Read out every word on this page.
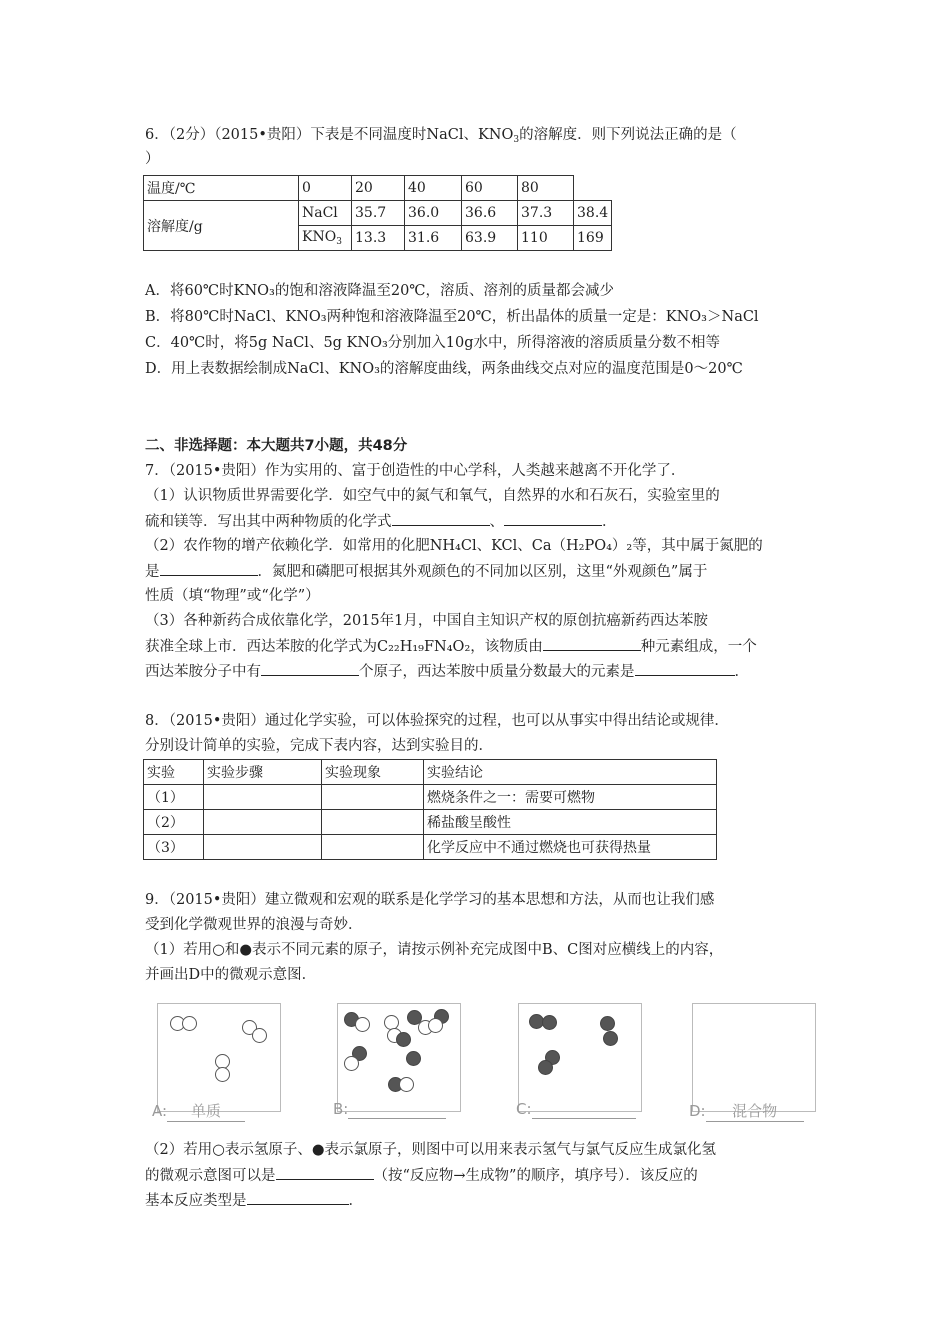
6．（2分）（2015•贵阳）下表是不同温度时NaCl、$KNO_3$的溶解度．则下列说法正确的是（
）
温度/℃	0	20	40	60	80	
溶解度/g	NaCl	35.7	36.0	36.6	37.3	38.4
	$KNO_3$	13.3	31.6	63.9	110	169
A．将60℃时KNO₃的饱和溶液降温至20℃，溶质、溶剂的质量都会减少
B．将80℃时NaCl、KNO₃两种饱和溶液降温至20℃，析出晶体的质量一定是：KNO₃＞NaCl
C．40℃时，将5g NaCl、5g KNO₃分别加入10g水中，所得溶液的溶质质量分数不相等
D．用上表数据绘制成NaCl、KNO₃的溶解度曲线，两条曲线交点对应的温度范围是0～20℃
二、非选择题：本大题共7小题，共48分
7．（2015•贵阳）作为实用的、富于创造性的中心学科，人类越来越离不开化学了．
（1）认识物质世界需要化学．如空气中的氮气和氧气，自然界的水和石灰石，实验室里的
硫和镁等．写出其中两种物质的化学式	、	．
（2）农作物的增产依赖化学．如常用的化肥NH₄Cl、KCl、Ca（H₂PO₄）₂等，其中属于氮肥的
是	．氮肥和磷肥可根据其外观颜色的不同加以区别，这里“外观颜色”属于
性质（填“物理”或“化学”）
（3）各种新药合成依靠化学，2015年1月，中国自主知识产权的原创抗癌新药西达苯胺
获准全球上市．西达苯胺的化学式为C₂₂H₁₉FN₄O₂，该物质由	种元素组成，一个
西达苯胺分子中有	个原子，西达苯胺中质量分数最大的元素是	．
8．（2015•贵阳）通过化学实验，可以体验探究的过程，也可以从事实中得出结论或规律．
分别设计简单的实验，完成下表内容，达到实验目的．
实验	实验步骤	实验现象	实验结论
（1）			燃烧条件之一：需要可燃物
（2）			稀盐酸呈酸性
（3）			化学反应中不通过燃烧也可获得热量
9．（2015•贵阳）建立微观和宏观的联系是化学学习的基本思想和方法，从而也让我们感
受到化学微观世界的浪漫与奇妙．
（1）若用○和●表示不同元素的原子，请按示例补充完成图中B、C图对应横线上的内容，
并画出D中的微观示意图．
A: 单质	B:	C:	D: 混合物
（2）若用○表示氢原子、●表示氯原子，则图中可以用来表示氢气与氯气反应生成氯化氢
的微观示意图可以是	（按“反应物→生成物”的顺序，填序号）．该反应的
基本反应类型是	．
